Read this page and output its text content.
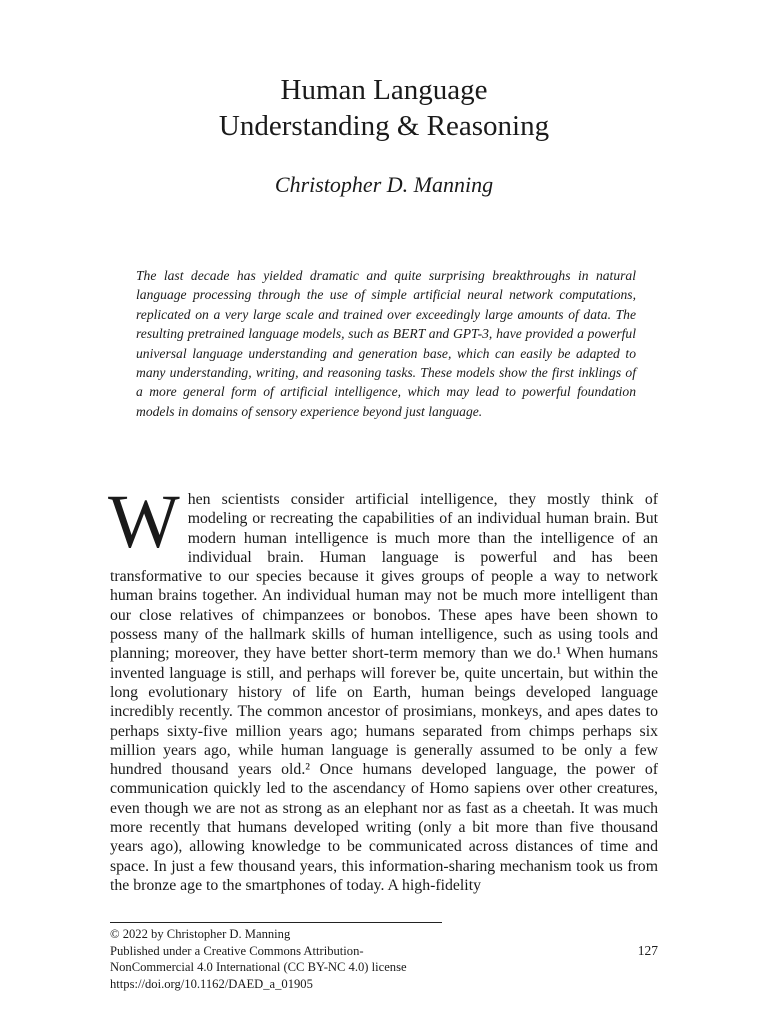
Human Language
Understanding & Reasoning
Christopher D. Manning

The last decade has yielded dramatic and quite surprising breakthroughs in natural language processing through the use of simple artificial neural network computations, replicated on a very large scale and trained over exceedingly large amounts of data. The resulting pretrained language models, such as BERT and GPT-3, have provided a powerful universal language understanding and generation base, which can easily be adapted to many understanding, writing, and reasoning tasks. These models show the first inklings of a more general form of artificial intelligence, which may lead to powerful foundation models in domains of sensory experience beyond just language.

When scientists consider artificial intelligence, they mostly think of modeling or recreating the capabilities of an individual human brain. But modern human intelligence is much more than the intelligence of an individual brain. Human language is powerful and has been transformative to our species because it gives groups of people a way to network human brains together. An individual human may not be much more intelligent than our close relatives of chimpanzees or bonobos. These apes have been shown to possess many of the hallmark skills of human intelligence, such as using tools and planning; moreover, they have better short-term memory than we do.¹ When humans invented language is still, and perhaps will forever be, quite uncertain, but within the long evolutionary history of life on Earth, human beings developed language incredibly recently. The common ancestor of prosimians, monkeys, and apes dates to perhaps sixty-five million years ago; humans separated from chimps perhaps six million years ago, while human language is generally assumed to be only a few hundred thousand years old.² Once humans developed language, the power of communication quickly led to the ascendancy of Homo sapiens over other creatures, even though we are not as strong as an elephant nor as fast as a cheetah. It was much more recently that humans developed writing (only a bit more than five thousand years ago), allowing knowledge to be communicated across distances of time and space. In just a few thousand years, this information-sharing mechanism took us from the bronze age to the smartphones of today. A high-fidelity

© 2022 by Christopher D. Manning
Published under a Creative Commons Attribution-
NonCommercial 4.0 International (CC BY-NC 4.0) license
https://doi.org/10.1162/DAED_a_01905
127
